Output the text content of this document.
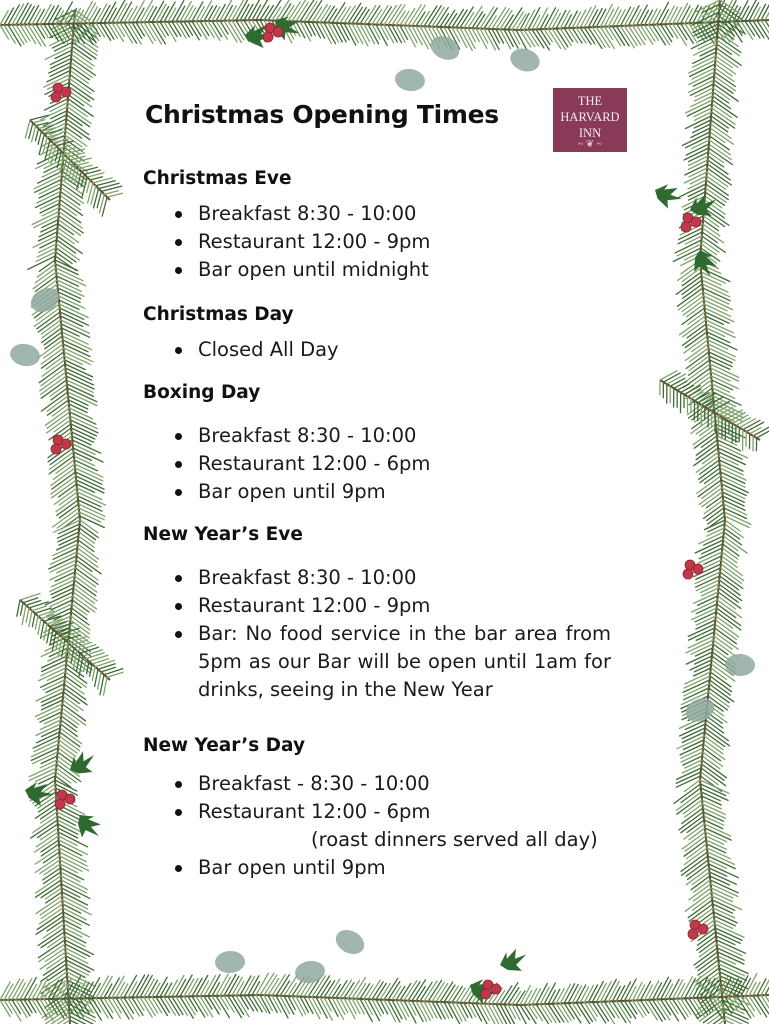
Christmas Opening Times	THE
HARVARD
INN
~ ❦ ~
Christmas Eve
Breakfast 8:30 - 10:00
Restaurant 12:00 - 9pm
Bar open until midnight
Christmas Day
Closed All Day
Boxing Day
Breakfast 8:30 - 10:00
Restaurant 12:00 - 6pm
Bar open until 9pm
New Year’s Eve
Breakfast 8:30 - 10:00
Restaurant 12:00 - 9pm
Bar: No food service in the bar area from 5pm as our Bar will be open until 1am for drinks, seeing in the New Year
New Year’s Day
Breakfast - 8:30 - 10:00
Restaurant 12:00 - 6pm
(roast dinners served all day)
Bar open until 9pm
